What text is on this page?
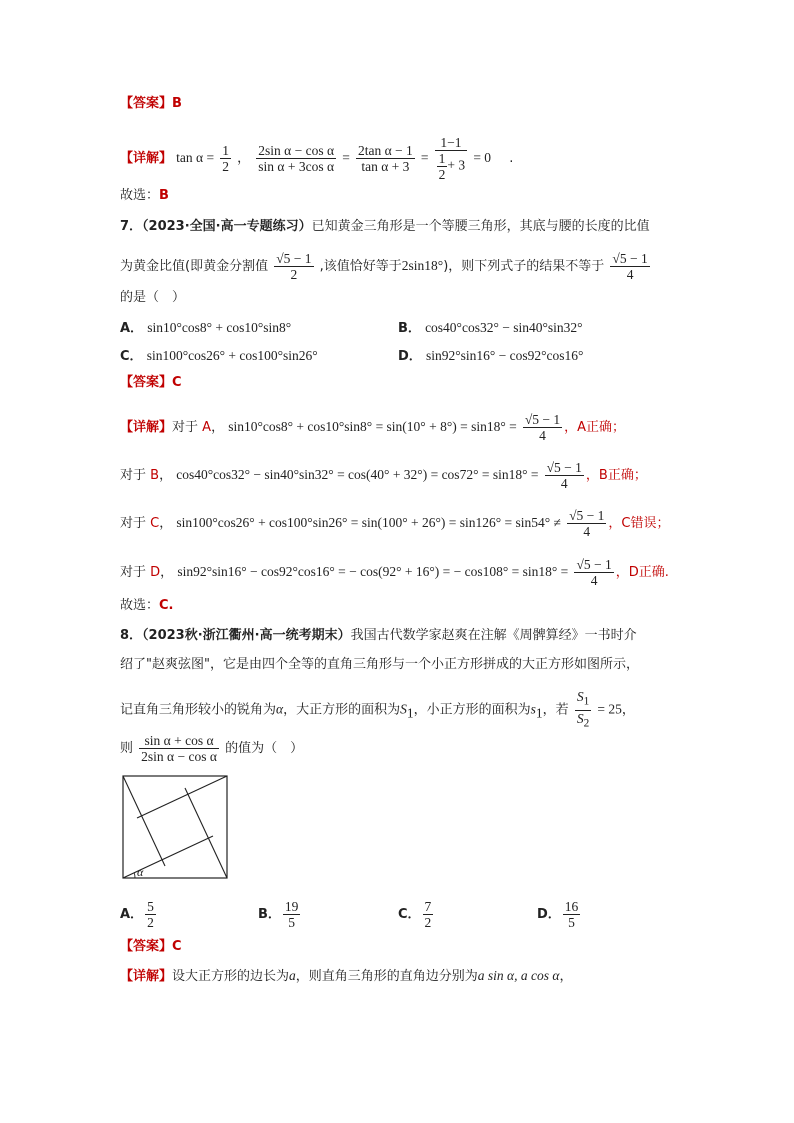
【答案】B
【详解】 $\tan \alpha = \frac{1}{2}$ ， $\frac{\text{2sin α − cos α}}{\text{sin α + 3cos α}} = \frac{\text{2tan α − 1}}{\text{tan α + 3}} = \frac{1-1}{\frac{1}{2} + 3} = 0$ .
故选：B
7．（2023·全国·高一专题练习）已知黄金三角形是一个等腰三角形，其底与腰的长度的比值
为黄金比值(即黄金分割值 $\frac{√5 - 1}{2}$ ,该值恰好等于2sin18°)，则下列式子的结果不等于 $\frac{√5 - 1}{4}$
的是（　）
A． sin10°cos8° + cos10°sin8°	B． cos40°cos32° − sin40°sin32°
C． sin100°cos26° + cos100°sin26°	D． sin92°sin16° − cos92°cos16°
【答案】C
【详解】对于 A， $\sin 10^\circ\cos 8^\circ + \cos 10^\circ\sin 8^\circ = \sin(10^\circ + 8^\circ) = \sin 18^\circ = \frac{√5 - 1}{4}$ ，A正确；
对于 B， $\cos 40^\circ\cos 32^\circ - \sin 40^\circ\sin 32^\circ = \cos(40^\circ + 32^\circ) = \cos 72^\circ = \sin 18^\circ = \frac{√5 - 1}{4}$ ，B正确；
对于 C， $\sin 100^\circ\cos 26^\circ + \cos 100^\circ\sin 26^\circ = \sin(100^\circ + 26^\circ) = \sin 126^\circ = \sin 54^\circ \ne \frac{√5 - 1}{4}$ ，C错误；
对于 D， sin92°sin16° − cos92°cos16° = − cos(92° + 16°) = − $\cos 108^\circ = \sin 18^\circ = \frac{√5 - 1}{4}$ ，D正确.
故选：C.
8．（2023秋·浙江衢州·高一统考期末）我国古代数学家赵爽在注解《周髀算经》一书时介
绍了"赵爽弦图"，它是由四个全等的直角三角形与一个小正方形拼成的大正方形如图所示，
记直角三角形较小的锐角为α，大正方形的面积为$S_1$，小正方形的面积为$s_1$，若 $\frac{S_1}{S_2} = 25$，
则 $\frac{\text{sin α + cos α}}{\text{2sin α − cos α}}$ 的值为（　）
α
A． $\frac{5}{2}$	B． $\frac{19}{5}$	C． $\frac{7}{2}$	D． $\frac{16}{5}$
【答案】C
【详解】设大正方形的边长为a，则直角三角形的直角边分别为a sin α, a cos α，
